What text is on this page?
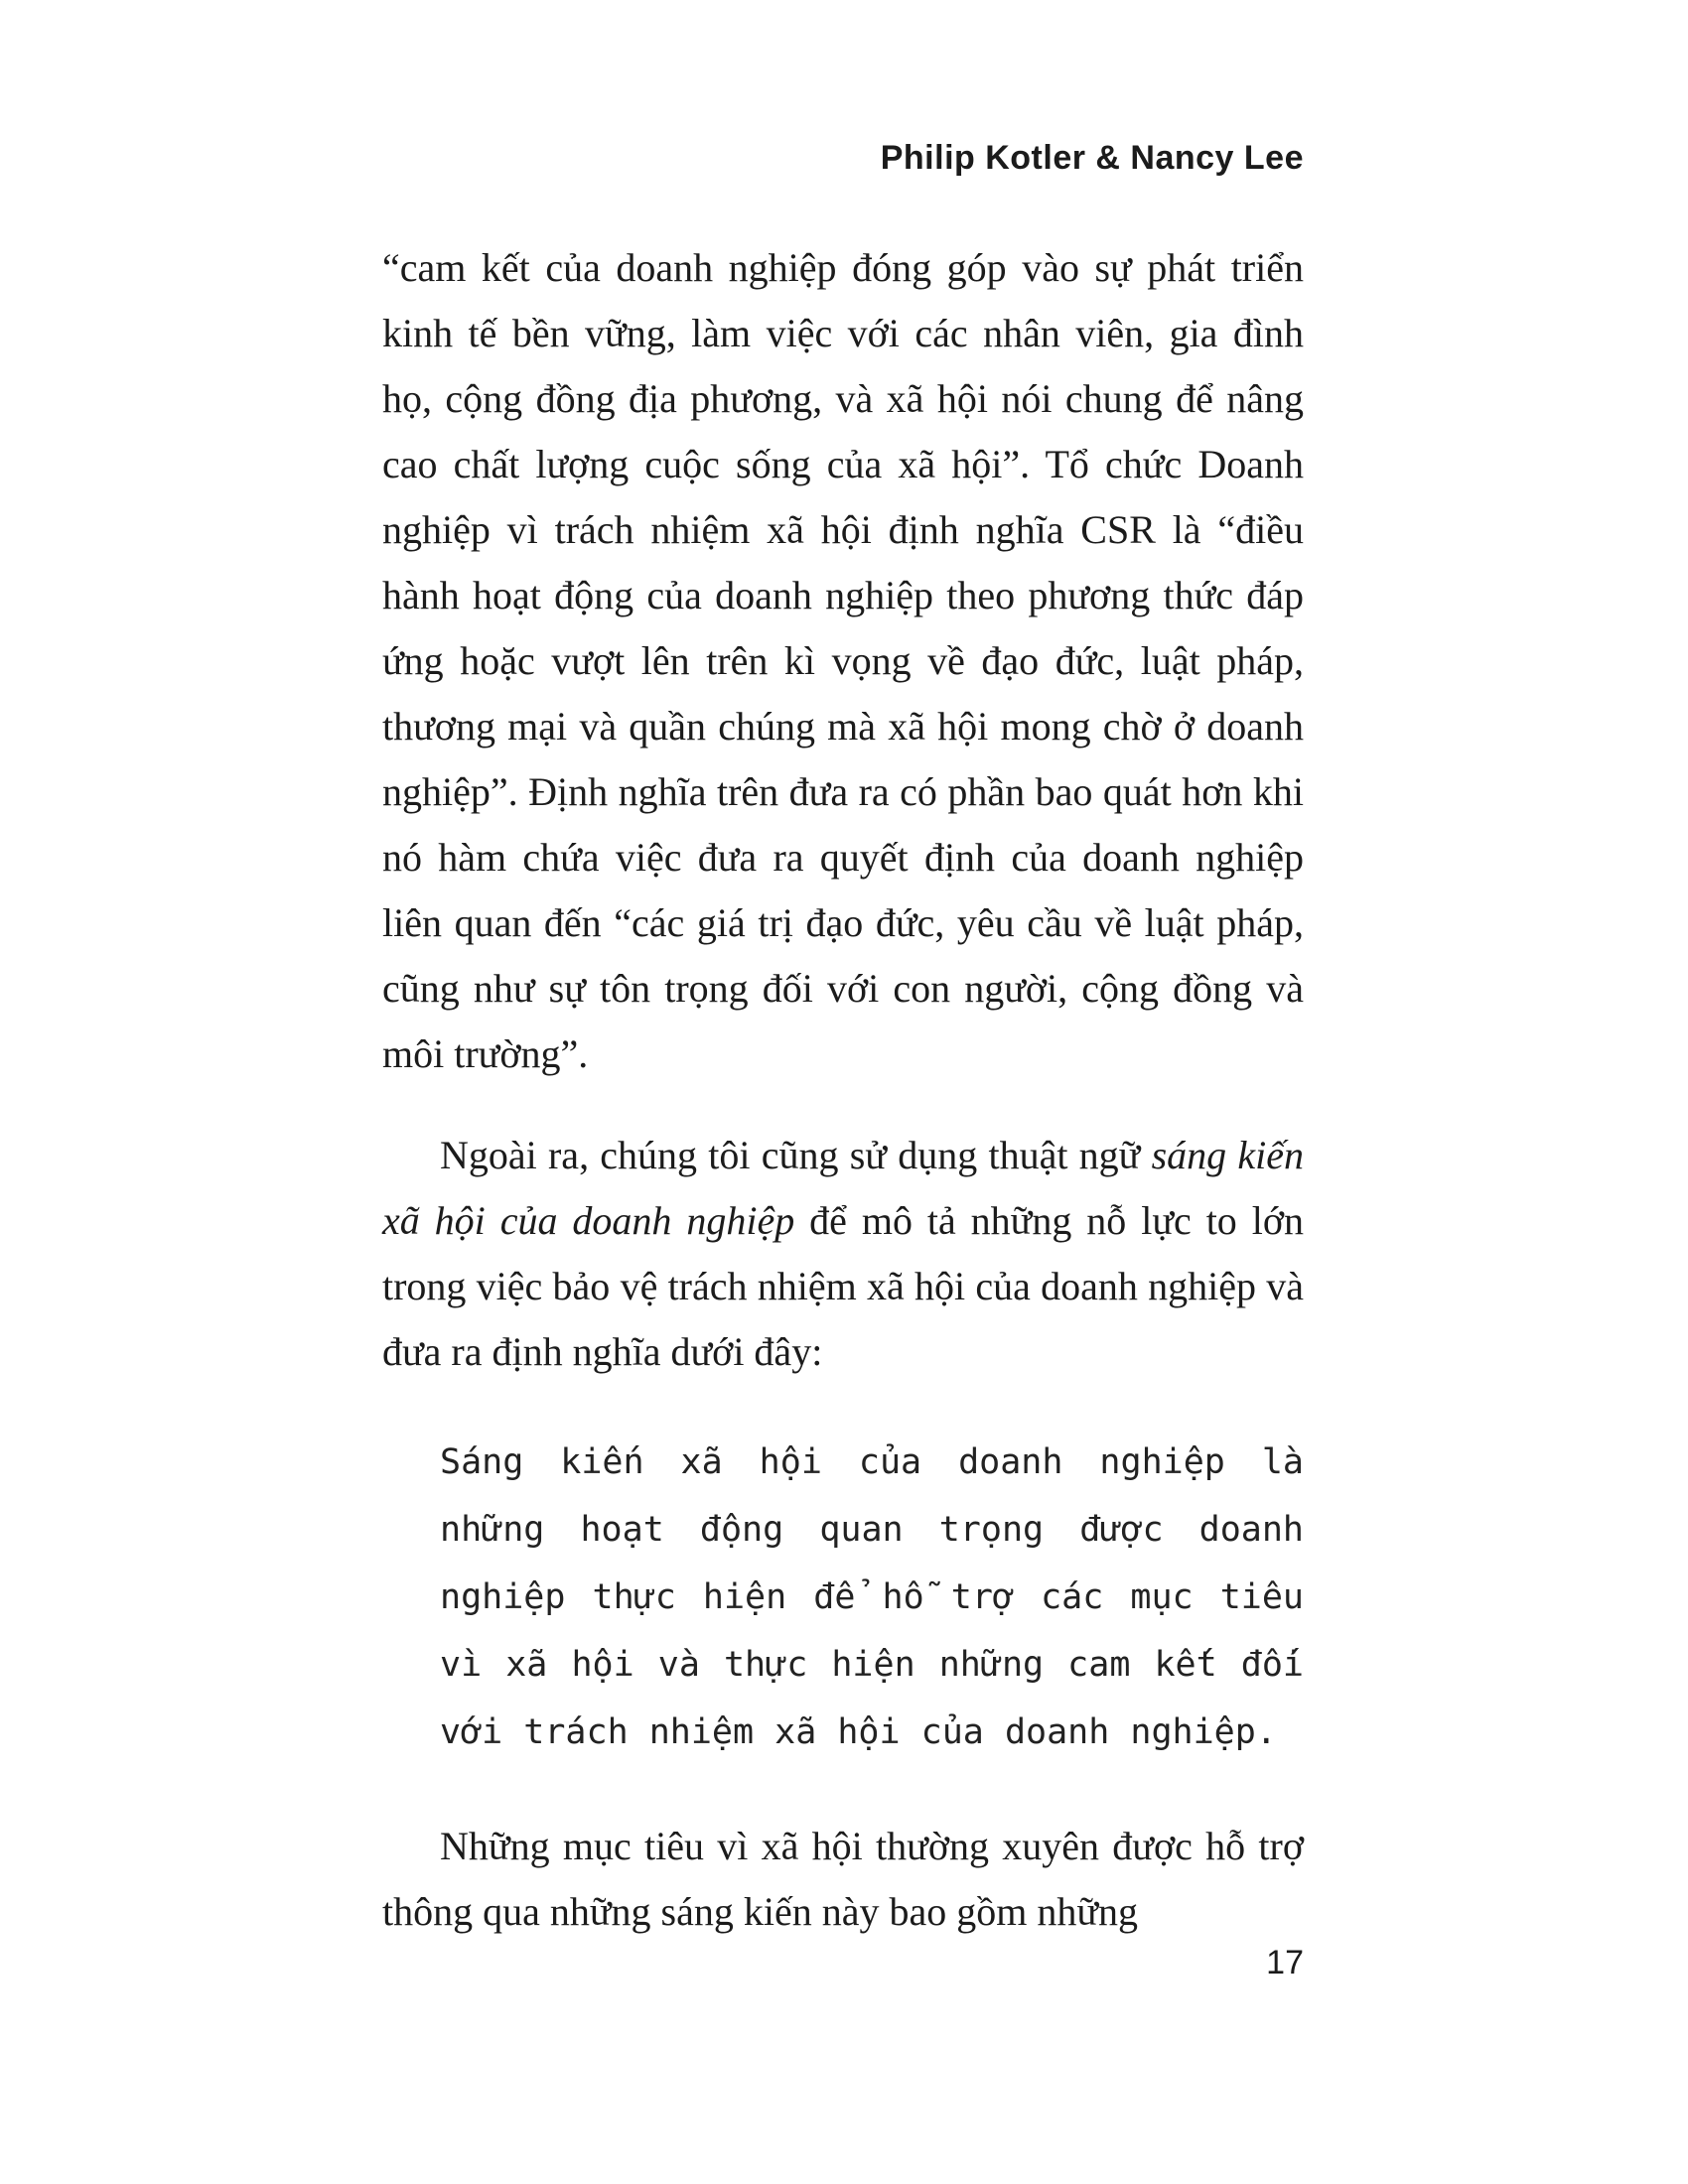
Philip Kotler & Nancy Lee

“cam kết của doanh nghiệp đóng góp vào sự phát triển kinh tế bền vững, làm việc với các nhân viên, gia đình họ, cộng đồng địa phương, và xã hội nói chung để nâng cao chất lượng cuộc sống của xã hội”. Tổ chức Doanh nghiệp vì trách nhiệm xã hội định nghĩa CSR là “điều hành hoạt động của doanh nghiệp theo phương thức đáp ứng hoặc vượt lên trên kì vọng về đạo đức, luật pháp, thương mại và quần chúng mà xã hội mong chờ ở doanh nghiệp”. Định nghĩa trên đưa ra có phần bao quát hơn khi nó hàm chứa việc đưa ra quyết định của doanh nghiệp liên quan đến “các giá trị đạo đức, yêu cầu về luật pháp, cũng như sự tôn trọng đối với con người, cộng đồng và môi trường”.

Ngoài ra, chúng tôi cũng sử dụng thuật ngữ sáng kiến xã hội của doanh nghiệp để mô tả những nỗ lực to lớn trong việc bảo vệ trách nhiệm xã hội của doanh nghiệp và đưa ra định nghĩa dưới đây:

Sáng kiến xã hội của doanh nghiệp là những hoạt động quan trọng được doanh nghiệp thực hiện để hỗ trợ các mục tiêu vì xã hội và thực hiện những cam kết đối với trách nhiệm xã hội của doanh nghiệp.

Những mục tiêu vì xã hội thường xuyên được hỗ trợ thông qua những sáng kiến này bao gồm những

17
